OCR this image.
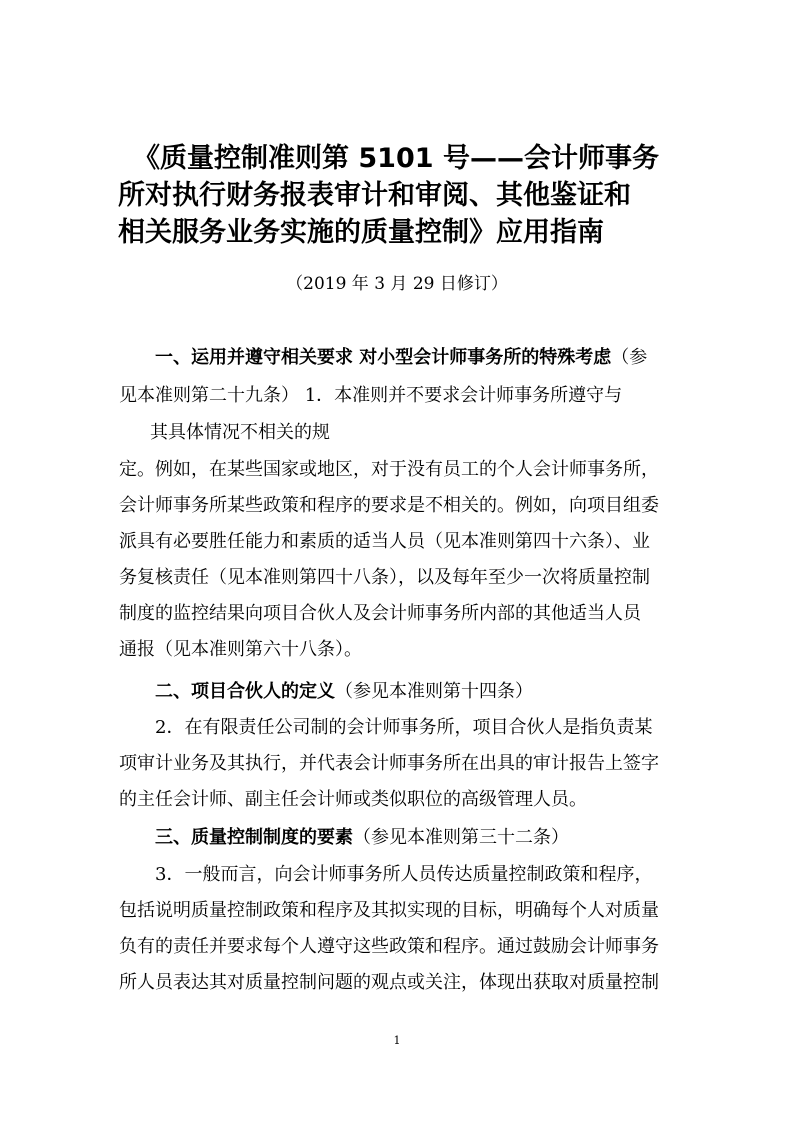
《质量控制准则第 5101 号——会计师事务
所对执行财务报表审计和审阅、其他鉴证和
相关服务业务实施的质量控制》应用指南
（2019 年 3 月 29 日修订）

一、运用并遵守相关要求 对小型会计师事务所的特殊考虑（参

见本准则第二十九条） 1．本准则并不要求会计师事务所遵守与

其具体情况不相关的规

定。例如，在某些国家或地区，对于没有员工的个人会计师事务所，

会计师事务所某些政策和程序的要求是不相关的。例如，向项目组委

派具有必要胜任能力和素质的适当人员（见本准则第四十六条）、业

务复核责任（见本准则第四十八条），以及每年至少一次将质量控制

制度的监控结果向项目合伙人及会计师事务所内部的其他适当人员

通报（见本准则第六十八条）。

二、项目合伙人的定义（参见本准则第十四条）

2．在有限责任公司制的会计师事务所，项目合伙人是指负责某

项审计业务及其执行，并代表会计师事务所在出具的审计报告上签字

的主任会计师、副主任会计师或类似职位的高级管理人员。

三、质量控制制度的要素（参见本准则第三十二条）

3．一般而言，向会计师事务所人员传达质量控制政策和程序，

包括说明质量控制政策和程序及其拟实现的目标，明确每个人对质量

负有的责任并要求每个人遵守这些政策和程序。通过鼓励会计师事务

所人员表达其对质量控制问题的观点或关注，体现出获取对质量控制

1
